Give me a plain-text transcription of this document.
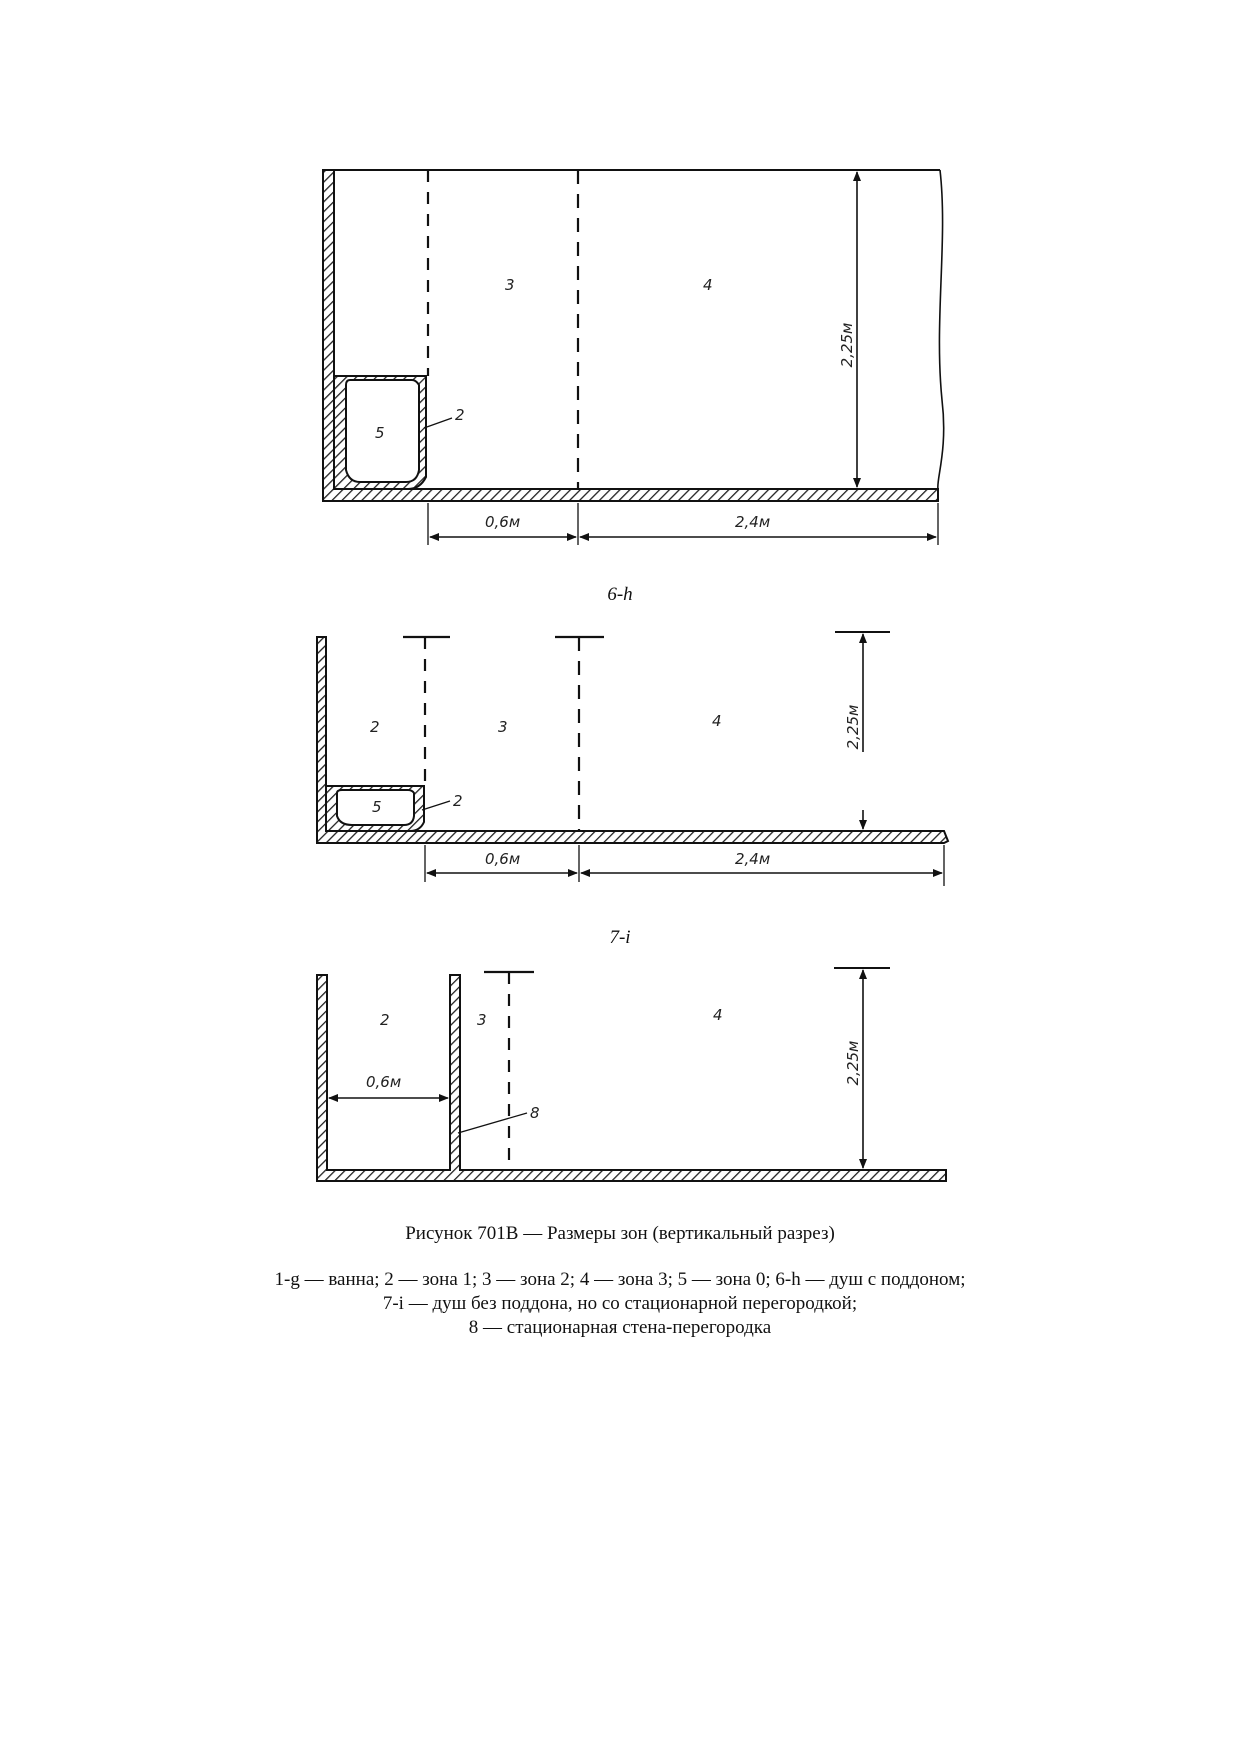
2,25м
3	4
5
2
0,6м	2,4м
2,25м
2	3	4
5	2
0,6м	2,4м
2,25м
0,6м
2	3	4
8
6-h
7-i
Рисунок 701В — Размеры зон (вертикальный разрез)
1-g — ванна; 2 — зона 1; 3 — зона 2; 4 — зона 3; 5 — зона 0; 6-h — душ с поддоном;
7-i — душ без поддона, но со стационарной перегородкой;
8 — стационарная стена-перегородка
